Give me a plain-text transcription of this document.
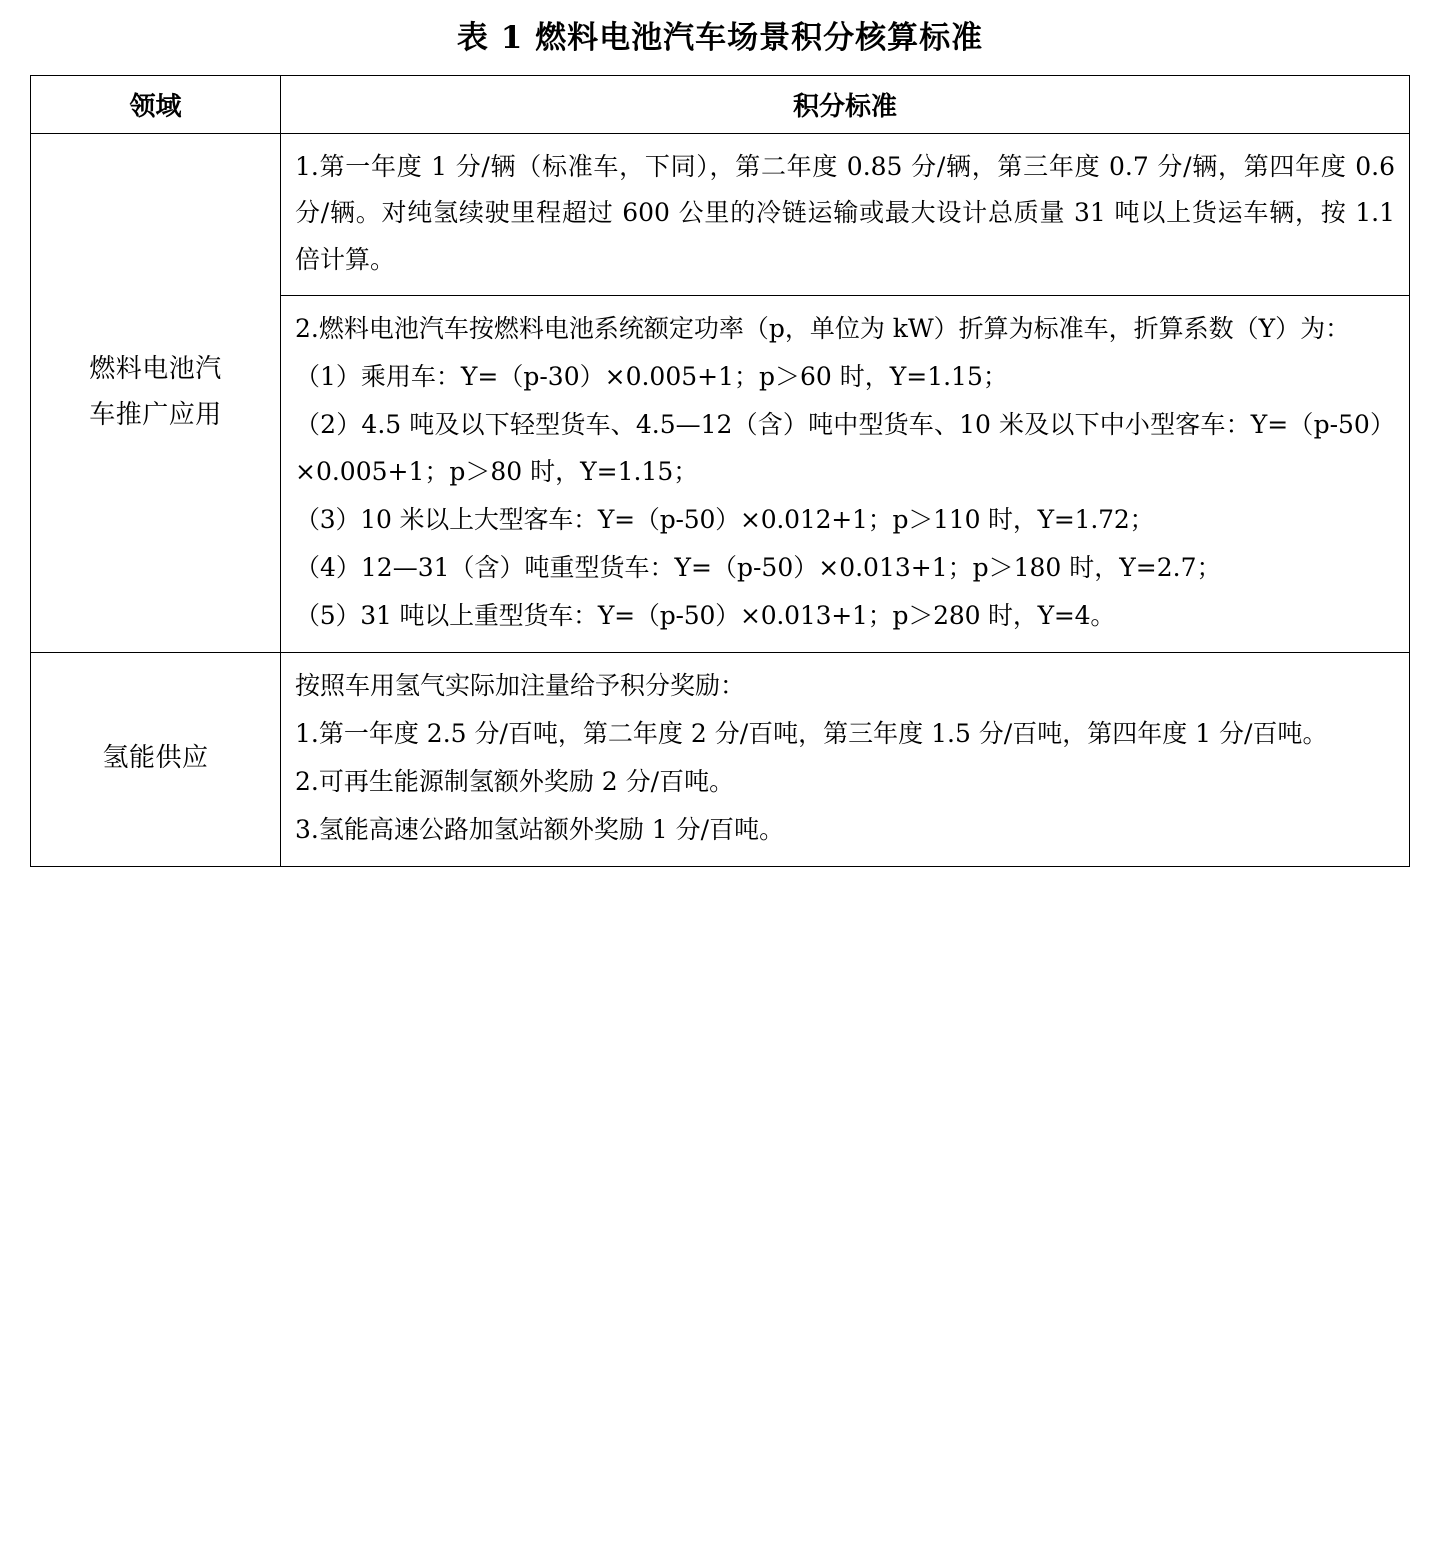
表 1 燃料电池汽车场景积分核算标准
领域	积分标准

燃料电池汽
车推广应用	1.第一年度 1 分/辆（标准车，下同），第二年度 0.85 分/辆，第三年度 0.7 分/辆，第四年度 0.6 分/辆。对纯氢续驶里程超过 600 公里的冷链运输或最大设计总质量 31 吨以上货运车辆，按 1.1 倍计算。

2.燃料电池汽车按燃料电池系统额定功率（p，单位为 kW）折算为标准车，折算系数（Y）为：

（1）乘用车：Y=（p-30）×0.005+1；p＞60 时，Y=1.15；

（2）4.5 吨及以下轻型货车、4.5—12（含）吨中型货车、10 米及以下中小型客车：Y=（p-50）×0.005+1；p＞80 时，Y=1.15；

（3）10 米以上大型客车：Y=（p-50）×0.012+1；p＞110 时，Y=1.72；

（4）12—31（含）吨重型货车：Y=（p-50）×0.013+1；p＞180 时，Y=2.7；

（5）31 吨以上重型货车：Y=（p-50）×0.013+1；p＞280 时，Y=4。

氢能供应	按照车用氢气实际加注量给予积分奖励：

1.第一年度 2.5 分/百吨，第二年度 2 分/百吨，第三年度 1.5 分/百吨，第四年度 1 分/百吨。

2.可再生能源制氢额外奖励 2 分/百吨。

3.氢能高速公路加氢站额外奖励 1 分/百吨。
